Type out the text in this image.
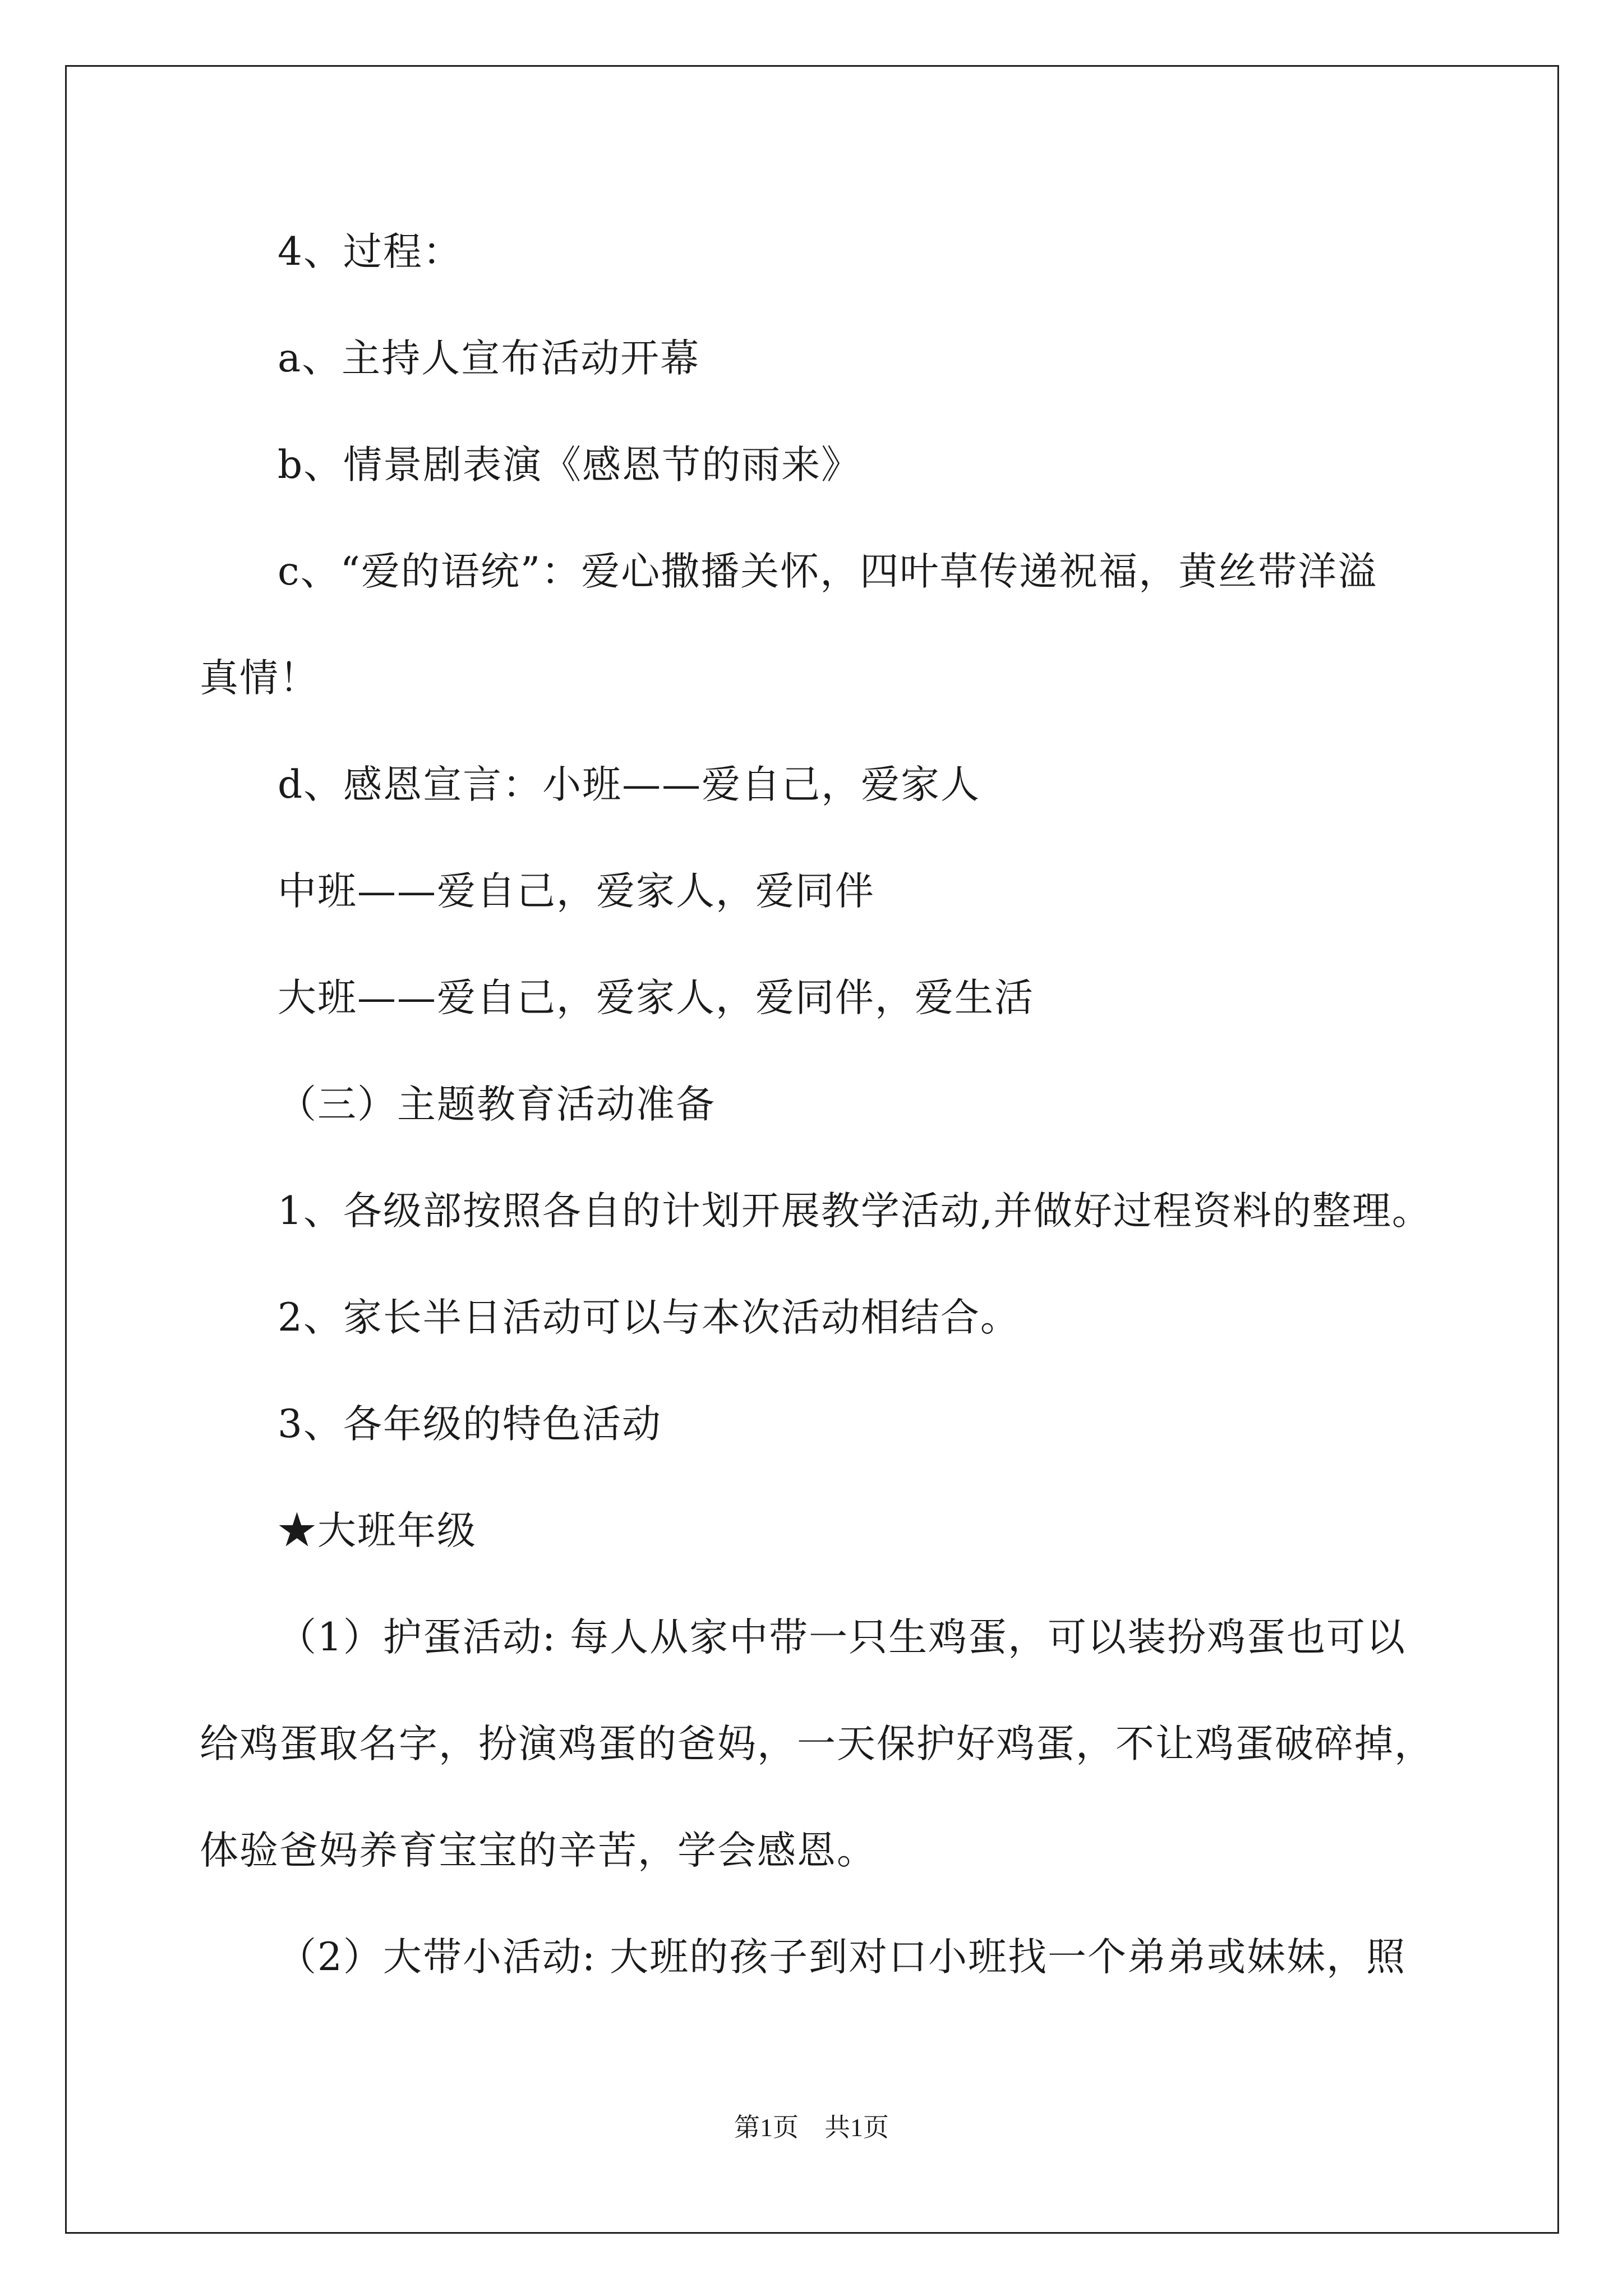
4、过程：
a、主持人宣布活动开幕
b、情景剧表演《感恩节的雨来》
c、“爱的语统”：爱心撒播关怀，四叶草传递祝福，黄丝带洋溢
真情！
d、感恩宣言：小班——爱自己，爱家人
中班——爱自己，爱家人，爱同伴
大班——爱自己，爱家人，爱同伴，爱生活
（三）主题教育活动准备
1、各级部按照各自的计划开展教学活动,并做好过程资料的整理。
2、家长半日活动可以与本次活动相结合。
3、各年级的特色活动
★大班年级
（1）护蛋活动: 每人从家中带一只生鸡蛋，可以装扮鸡蛋也可以
给鸡蛋取名字，扮演鸡蛋的爸妈，一天保护好鸡蛋，不让鸡蛋破碎掉，
体验爸妈养育宝宝的辛苦，学会感恩。
（2）大带小活动: 大班的孩子到对口小班找一个弟弟或妹妹，照
第1页 共1页
